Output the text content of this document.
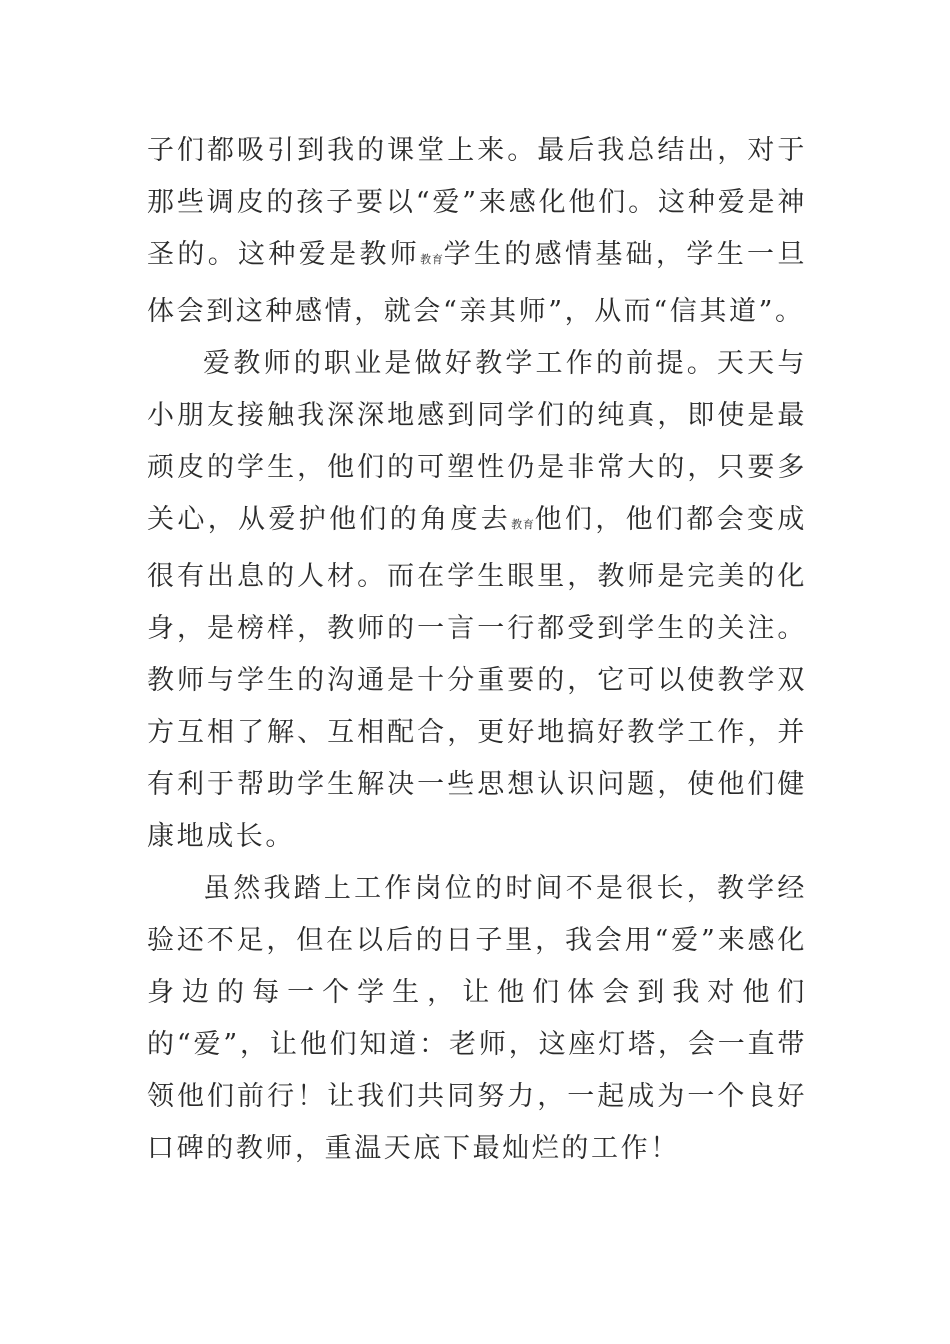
子们都吸引到我的课堂上来。最后我总结出，对于那些调皮的孩子要以“爱”来感化他们。这种爱是神圣的。这种爱是教师教育学生的感情基础，学生一旦体会到这种感情，就会“亲其师”，从而“信其道”。

爱教师的职业是做好教学工作的前提。天天与小朋友接触我深深地感到同学们的纯真，即使是最顽皮的学生，他们的可塑性仍是非常大的，只要多关心，从爱护他们的角度去教育他们，他们都会变成很有出息的人材。而在学生眼里，教师是完美的化身，是榜样，教师的一言一行都受到学生的关注。教师与学生的沟通是十分重要的，它可以使教学双方互相了解、互相配合，更好地搞好教学工作，并有利于帮助学生解决一些思想认识问题，使他们健康地成长。

虽然我踏上工作岗位的时间不是很长，教学经验还不足，但在以后的日子里，我会用“爱”来感化身边的每一个学生，让他们体会到我对他们的“爱”，让他们知道：老师，这座灯塔，会一直带领他们前行！让我们共同努力，一起成为一个良好口碑的教师，重温天底下最灿烂的工作！
